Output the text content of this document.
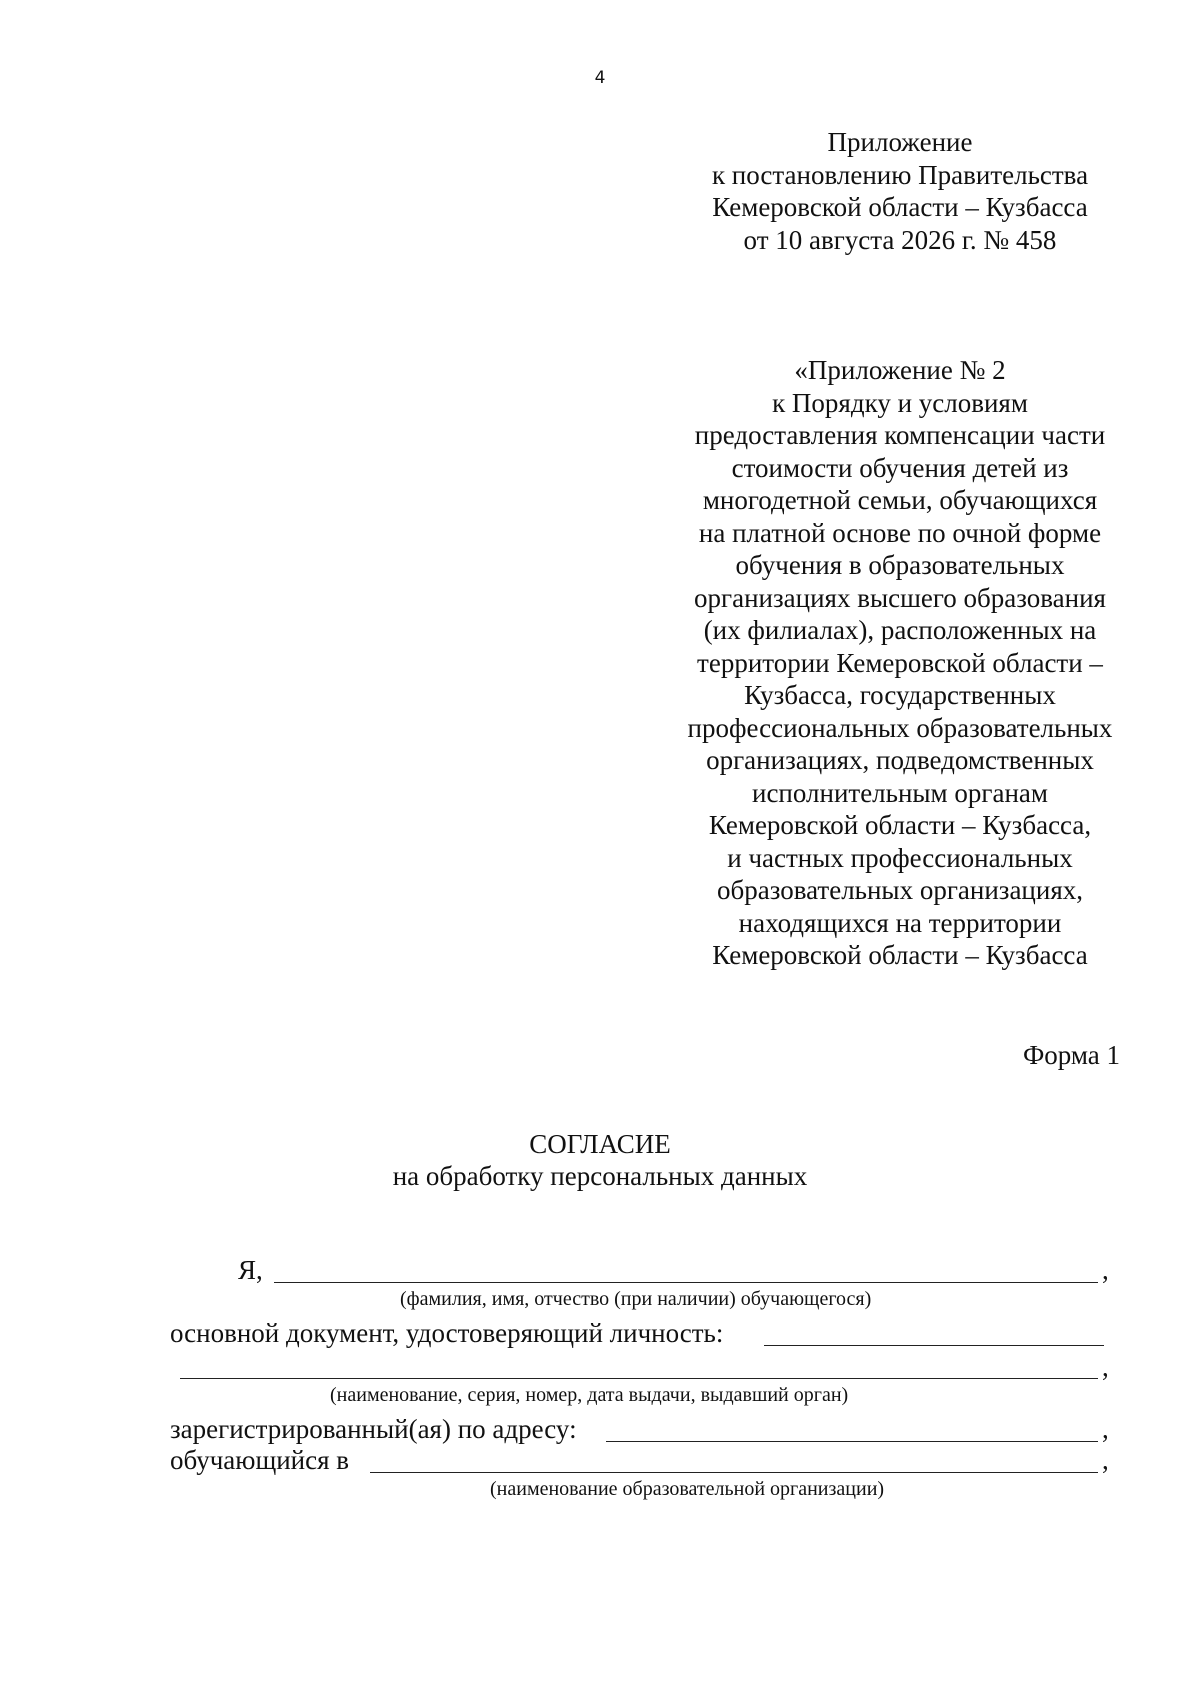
4
Приложение
к постановлению Правительства
Кемеровской области – Кузбасса
от 10 августа 2026 г. № 458
«Приложение № 2
к Порядку и условиям
предоставления компенсации части
стоимости обучения детей из
многодетной семьи, обучающихся
на платной основе по очной форме
обучения в образовательных
организациях высшего образования
(их филиалах), расположенных на
территории Кемеровской области –
Кузбасса, государственных
профессиональных образовательных
организациях, подведомственных
исполнительным органам
Кемеровской области – Кузбасса,
и частных профессиональных
образовательных организациях,
находящихся на территории
Кемеровской области – Кузбасса
Форма 1
СОГЛАСИЕ
на обработку персональных данных
Я,	,
(фамилия, имя, отчество (при наличии) обучающегося)
основной документ, удостоверяющий личность:
,
(наименование, серия, номер, дата выдачи, выдавший орган)
зарегистрированный(ая) по адресу:	,
обучающийся в	,
(наименование образовательной организации)
